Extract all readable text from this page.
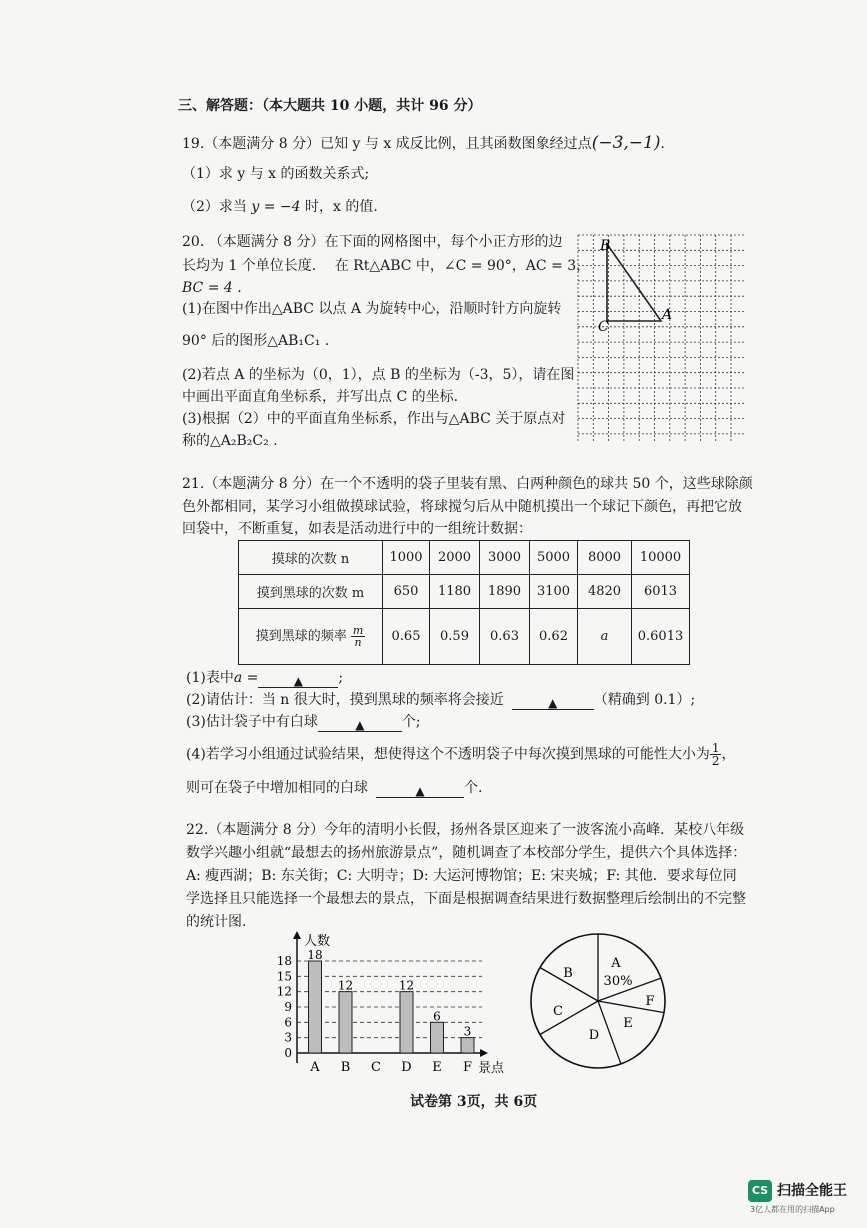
三、解答题：（本大题共 10 小题，共计 96 分）
19.（本题满分 8 分）已知 y 与 x 成反比例，且其函数图象经过点(−3,−1).
（1）求 y 与 x 的函数关系式;
（2）求当 y = −4 时，x 的值.
20. （本题满分 8 分）在下面的网格图中，每个小正方形的边
长均为 1 个单位长度.　 在 Rt△ABC 中，∠C = 90°，AC = 3，
BC = 4 .
(1)在图中作出△ABC 以点 A 为旋转中心，沿顺时针方向旋转
90° 后的图形△AB₁C₁ .
(2)若点 A 的坐标为（0，1），点 B 的坐标为（-3，5），请在图
中画出平面直角坐标系，并写出点 C 的坐标.
(3)根据（2）中的平面直角坐标系，作出与△ABC 关于原点对
称的△A₂B₂C₂ .
B
C
A
21.（本题满分 8 分）在一个不透明的袋子里装有黑、白两种颜色的球共 50 个，这些球除颜
色外都相同，某学习小组做摸球试验，将球搅匀后从中随机摸出一个球记下颜色，再把它放
回袋中，不断重复，如表是活动进行中的一组统计数据：
摸球的次数 n	1000	2000	3000	5000	8000	10000
摸到黑球的次数 m	650	1180	1890	3100	4820	6013
摸到黑球的频率 $\frac{m}{n}$	0.65	0.59	0.63	0.62	a	0.6013
(1)表中a =	▲	;
(2)请估计：当 n 很大时，摸到黑球的频率将会接近	▲	（精确到 0.1）;
(3)估计袋子中有白球	▲	个;
(4)若学习小组通过试验结果，想使得这个不透明袋子中每次摸到黑球的可能性大小为 $\frac{1}{2}$ ，
则可在袋子中增加相同的白球	▲	个.
22.（本题满分 8 分）今年的清明小长假，扬州各景区迎来了一波客流小高峰．某校八年级
数学兴趣小组就“最想去的扬州旅游景点”，随机调查了本校部分学生，提供六个具体选择：
A: 瘦西湖；B: 东关街；C: 大明寺；D: 大运河博物馆；E: 宋夹城；F: 其他．要求每位同
学选择且只能选择一个最想去的景点，下面是根据调查结果进行数据整理后绘制出的不完整
的统计图.
人数
景点
0
3
6
9
12
15
18 18
A
12
B C
12
D
6
E
3
F
A
B
C
D
E
F
30%
试卷第 3页，共 6页
CS 扫描全能王
3亿人都在用的扫描App
